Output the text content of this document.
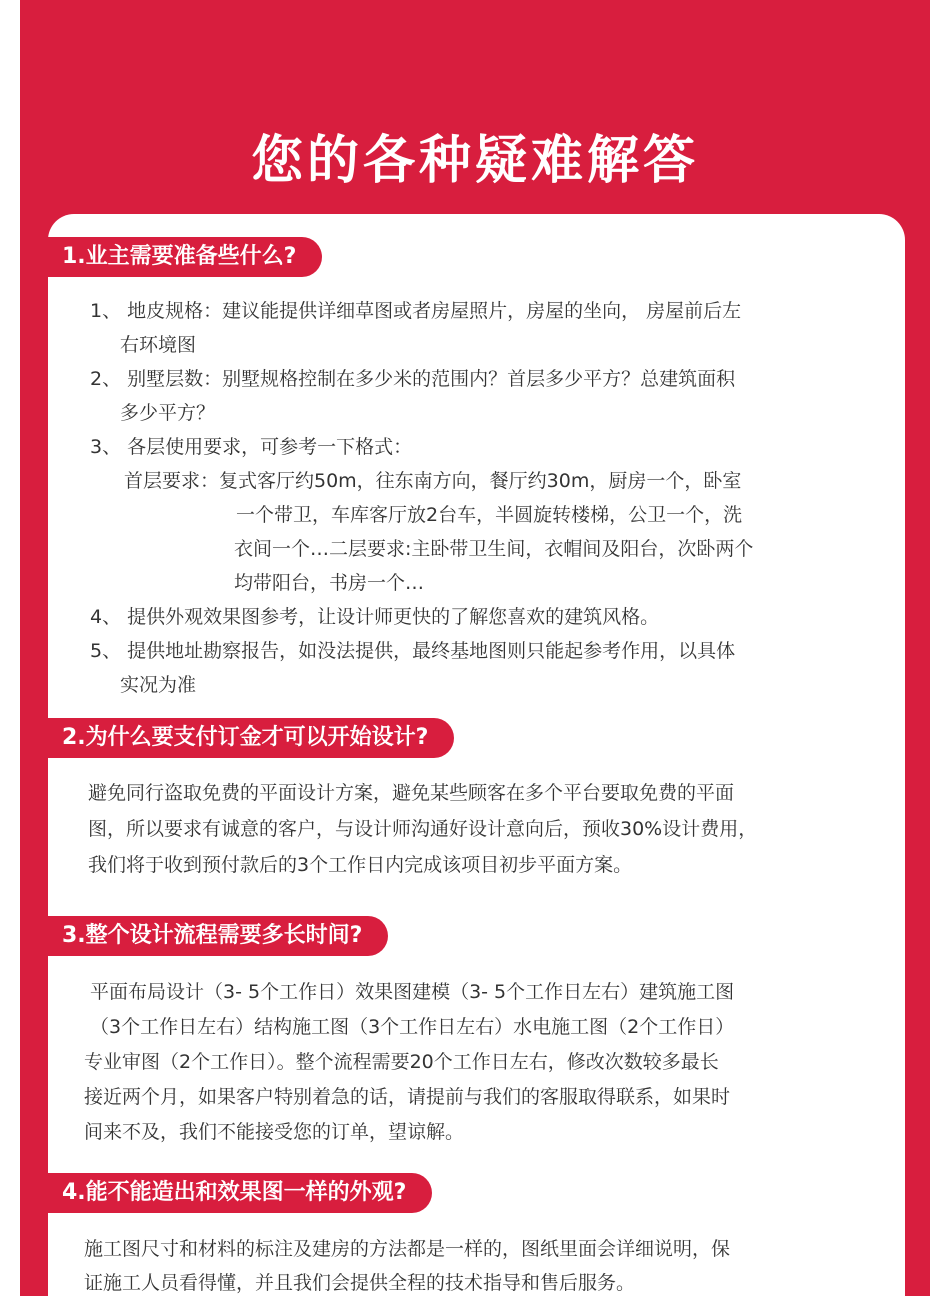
您的各种疑难解答
1.业主需要准备些什么?
1、 地皮规格：建议能提供详细草图或者房屋照片，房屋的坐向， 房屋前后左
右环境图
2、 别墅层数：别墅规格控制在多少米的范围内？首层多少平方？总建筑面积
多少平方？
3、 各层使用要求，可参考一下格式：
首层要求：复式客厅约50m，往东南方向，餐厅约30m，厨房一个，卧室
一个带卫，车库客厅放2台车，半圆旋转楼梯，公卫一个，洗
衣间一个…二层要求:主卧带卫生间，衣帽间及阳台，次卧两个
均带阳台，书房一个…
4、 提供外观效果图参考，让设计师更快的了解您喜欢的建筑风格。
5、 提供地址勘察报告，如没法提供，最终基地图则只能起参考作用，以具体
实况为准
2.为什么要支付订金才可以开始设计?
避免同行盗取免费的平面设计方案，避免某些顾客在多个平台要取免费的平面
图，所以要求有诚意的客户，与设计师沟通好设计意向后，预收30%设计费用，
我们将于收到预付款后的3个工作日内完成该项目初步平面方案。
3.整个设计流程需要多长时间?
平面布局设计（3- 5个工作日）效果图建模（3- 5个工作日左右）建筑施工图
（3个工作日左右）结构施工图（3个工作日左右）水电施工图（2个工作日）
专业审图（2个工作日）。整个流程需要20个工作日左右，修改次数较多最长
接近两个月，如果客户特别着急的话，请提前与我们的客服取得联系，如果时
间来不及，我们不能接受您的订单，望谅解。
4.能不能造出和效果图一样的外观?
施工图尺寸和材料的标注及建房的方法都是一样的，图纸里面会详细说明，保
证施工人员看得懂，并且我们会提供全程的技术指导和售后服务。
